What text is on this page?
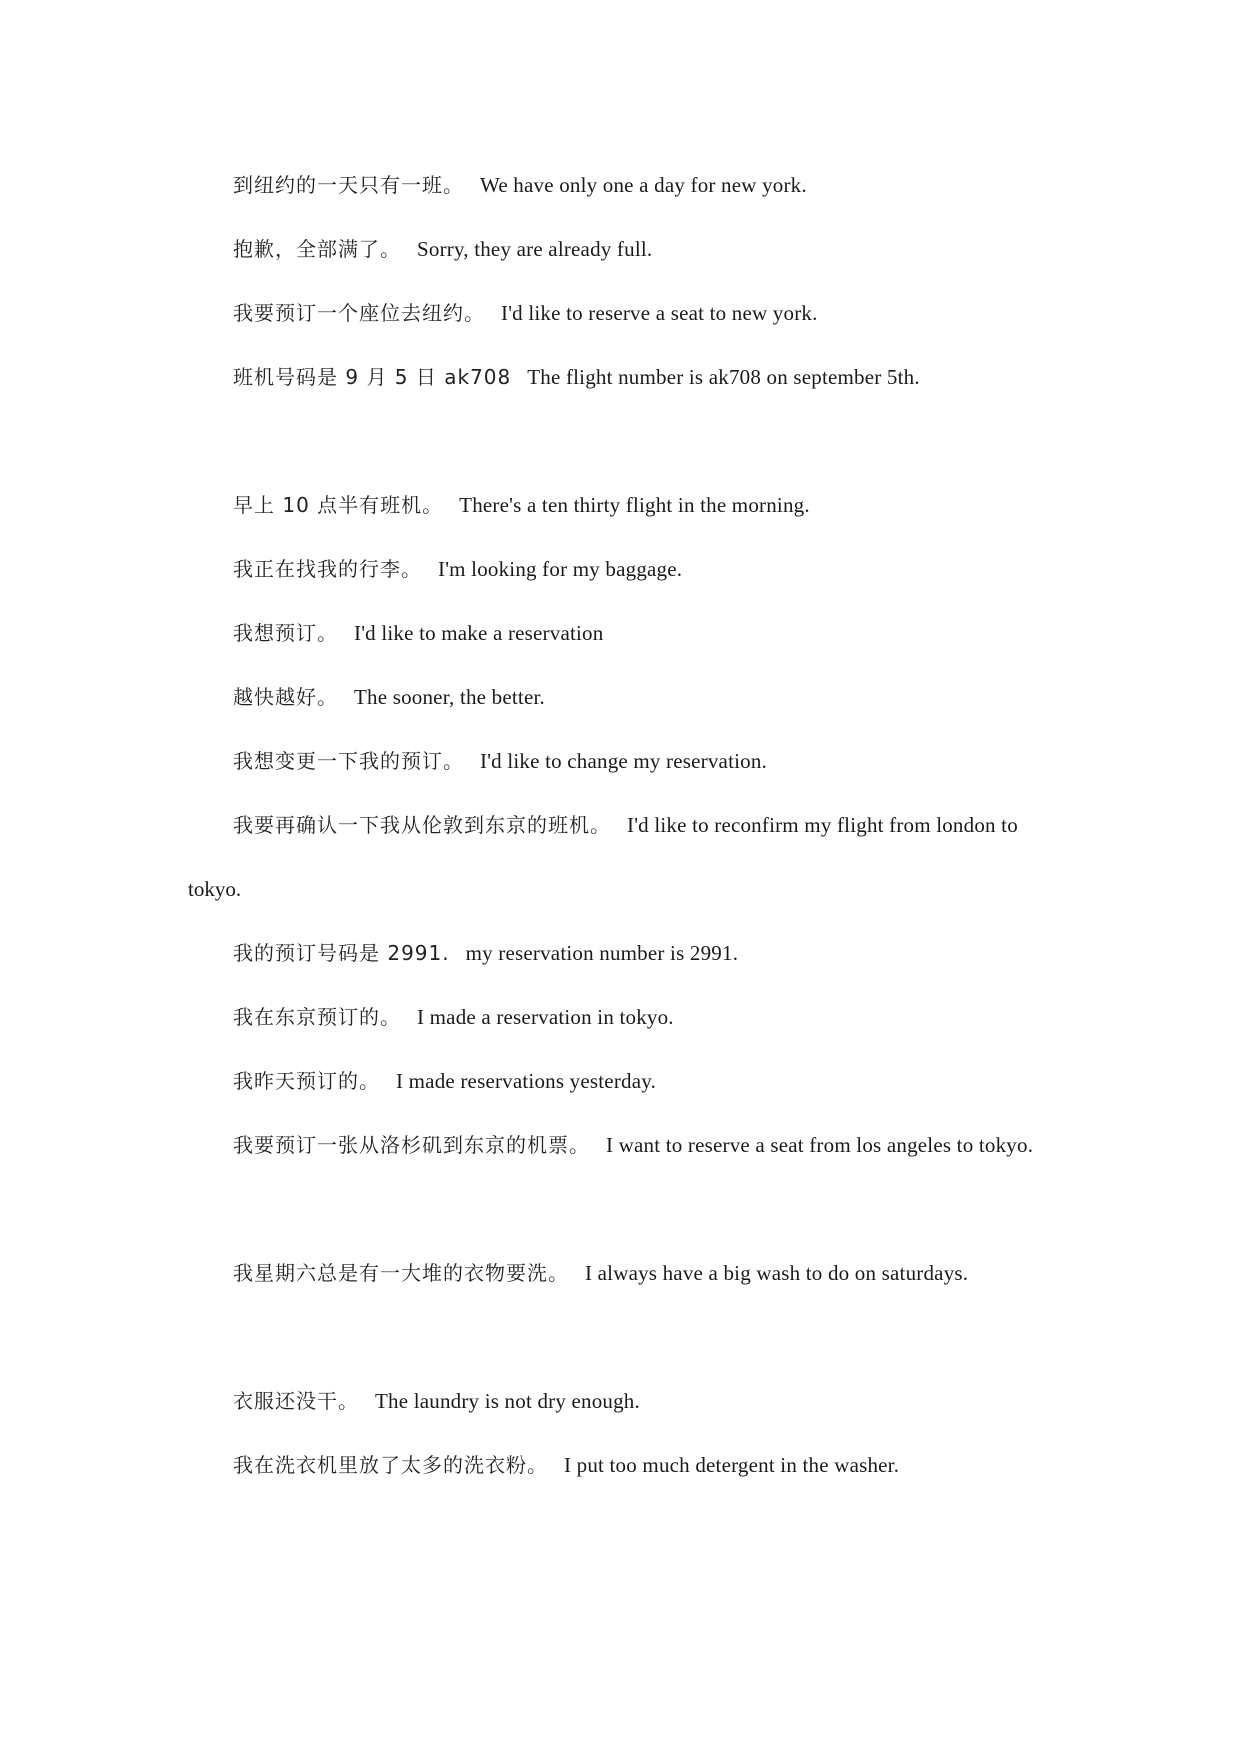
到纽约的一天只有一班。 We have only one a day for new york.
抱歉，全部满了。 Sorry, they are already full.
我要预订一个座位去纽约。 I'd like to reserve a seat to new york.
班机号码是 9 月 5 日 ak708 The flight number is ak708 on september 5th.
早上 10 点半有班机。 There's a ten thirty flight in the morning.
我正在找我的行李。 I'm looking for my baggage.
我想预订。 I'd like to make a reservation
越快越好。 The sooner, the better.
我想变更一下我的预订。 I'd like to change my reservation.
我要再确认一下我从伦敦到东京的班机。 I'd like to reconfirm my flight from london to
tokyo.
我的预订号码是 2991. my reservation number is 2991.
我在东京预订的。 I made a reservation in tokyo.
我昨天预订的。 I made reservations yesterday.
我要预订一张从洛杉矶到东京的机票。 I want to reserve a seat from los angeles to tokyo.
我星期六总是有一大堆的衣物要洗。 I always have a big wash to do on saturdays.
衣服还没干。 The laundry is not dry enough.
我在洗衣机里放了太多的洗衣粉。 I put too much detergent in the washer.
